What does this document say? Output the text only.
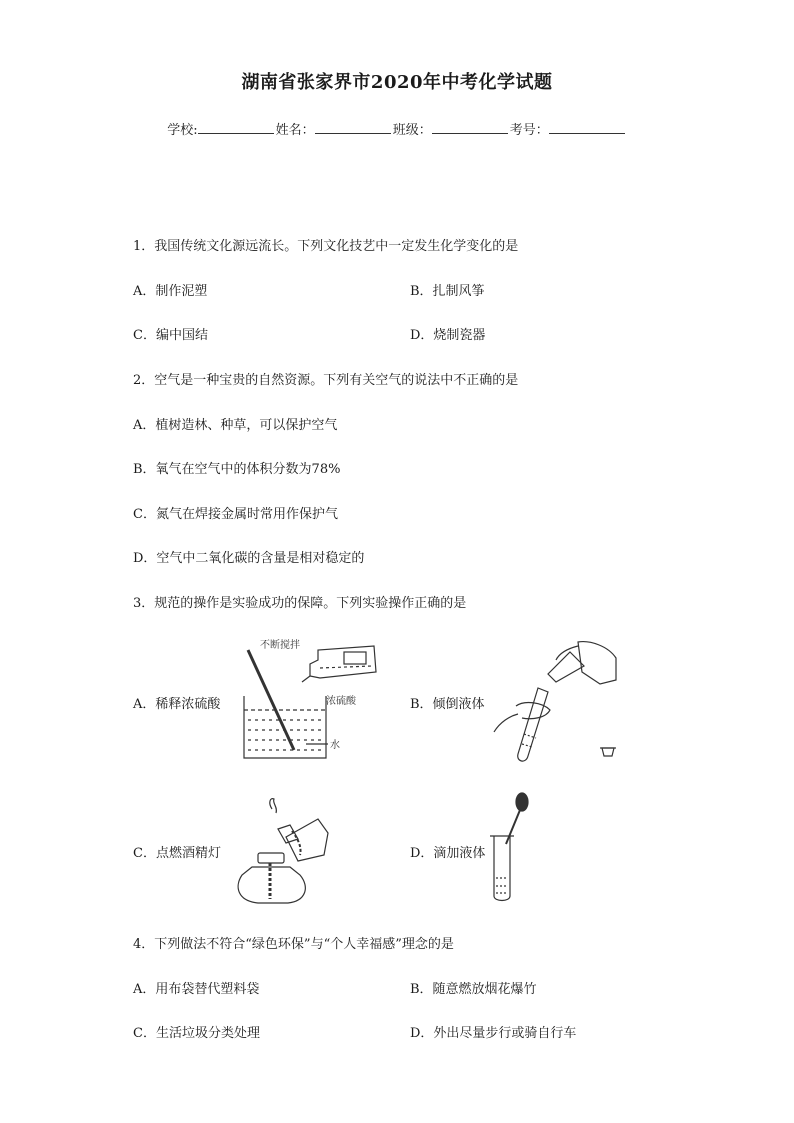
湖南省张家界市2020年中考化学试题
学校:	姓名：	班级：	考号：
1．我国传统文化源远流长。下列文化技艺中一定发生化学变化的是
A．制作泥塑	B．扎制风筝
C．编中国结	D．烧制瓷器
2．空气是一种宝贵的自然资源。下列有关空气的说法中不正确的是
A．植树造林、种草，可以保护空气
B．氧气在空气中的体积分数为78%
C．氮气在焊接金属时常用作保护气
D．空气中二氧化碳的含量是相对稳定的
3．规范的操作是实验成功的保障。下列实验操作正确的是
A．稀释浓硫酸	B．倾倒液体
C．点燃酒精灯	D．滴加液体
不断搅拌
浓硫酸
水
4．下列做法不符合“绿色环保”与“个人幸福感”理念的是
A．用布袋替代塑料袋	B．随意燃放烟花爆竹
C．生活垃圾分类处理	D．外出尽量步行或骑自行车
